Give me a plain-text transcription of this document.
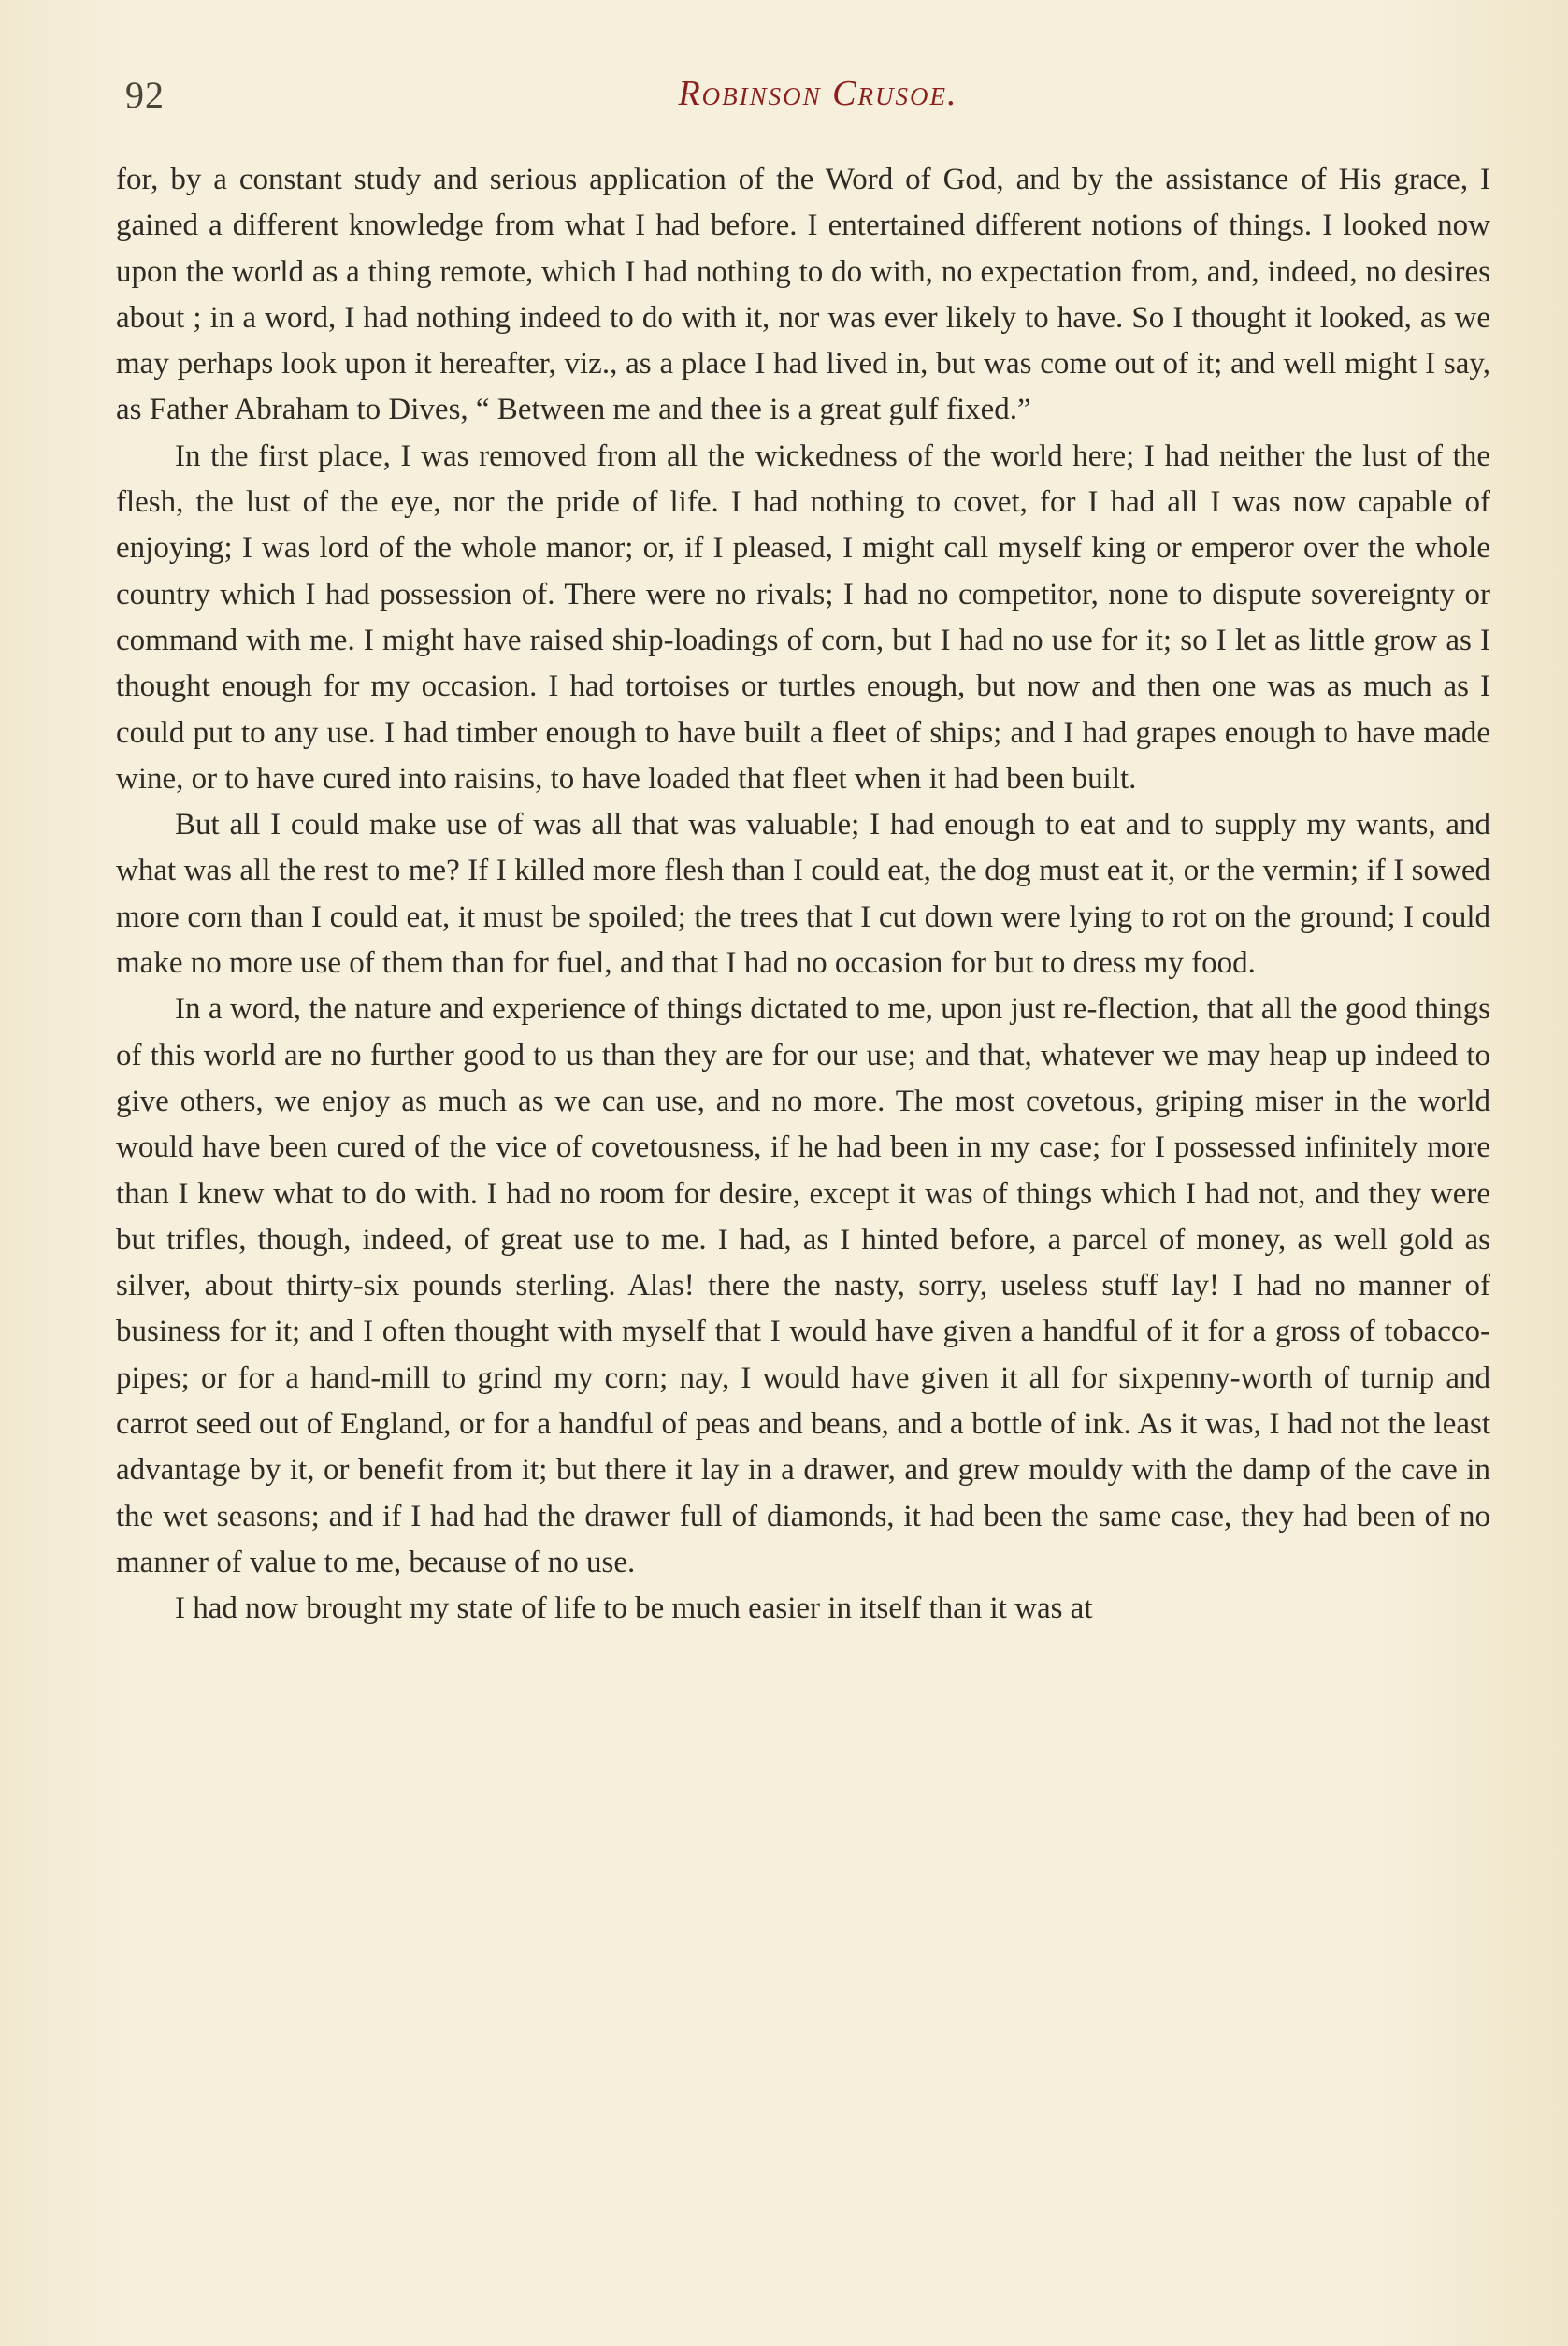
92	Robinson Crusoe.

for, by a constant study and serious application of the Word of God, and by the assistance of His grace, I gained a different knowledge from what I had before. I entertained different notions of things. I looked now upon the world as a thing remote, which I had nothing to do with, no expectation from, and, indeed, no desires about ; in a word, I had nothing indeed to do with it, nor was ever likely to have. So I thought it looked, as we may perhaps look upon it hereafter, viz., as a place I had lived in, but was come out of it; and well might I say, as Father Abraham to Dives, “ Between me and thee is a great gulf fixed.”

In the first place, I was removed from all the wickedness of the world here; I had neither the lust of the flesh, the lust of the eye, nor the pride of life. I had nothing to covet, for I had all I was now capable of enjoying; I was lord of the whole manor; or, if I pleased, I might call myself king or emperor over the whole country which I had possession of. There were no rivals; I had no competitor, none to dispute sovereignty or command with me. I might have raised ship-loadings of corn, but I had no use for it; so I let as little grow as I thought enough for my occasion. I had tortoises or turtles enough, but now and then one was as much as I could put to any use. I had timber enough to have built a fleet of ships; and I had grapes enough to have made wine, or to have cured into raisins, to have loaded that fleet when it had been built.

But all I could make use of was all that was valuable; I had enough to eat and to supply my wants, and what was all the rest to me? If I killed more flesh than I could eat, the dog must eat it, or the vermin; if I sowed more corn than I could eat, it must be spoiled; the trees that I cut down were lying to rot on the ground; I could make no more use of them than for fuel, and that I had no occasion for but to dress my food.

In a word, the nature and experience of things dictated to me, upon just re-flection, that all the good things of this world are no further good to us than they are for our use; and that, whatever we may heap up indeed to give others, we enjoy as much as we can use, and no more. The most covetous, griping miser in the world would have been cured of the vice of covetousness, if he had been in my case; for I possessed infinitely more than I knew what to do with. I had no room for desire, except it was of things which I had not, and they were but trifles, though, indeed, of great use to me. I had, as I hinted before, a parcel of money, as well gold as silver, about thirty-six pounds sterling. Alas! there the nasty, sorry, useless stuff lay! I had no manner of business for it; and I often thought with myself that I would have given a handful of it for a gross of tobacco-pipes; or for a hand-mill to grind my corn; nay, I would have given it all for sixpenny-worth of turnip and carrot seed out of England, or for a handful of peas and beans, and a bottle of ink. As it was, I had not the least advantage by it, or benefit from it; but there it lay in a drawer, and grew mouldy with the damp of the cave in the wet seasons; and if I had had the drawer full of diamonds, it had been the same case, they had been of no manner of value to me, because of no use.

I had now brought my state of life to be much easier in itself than it was at
